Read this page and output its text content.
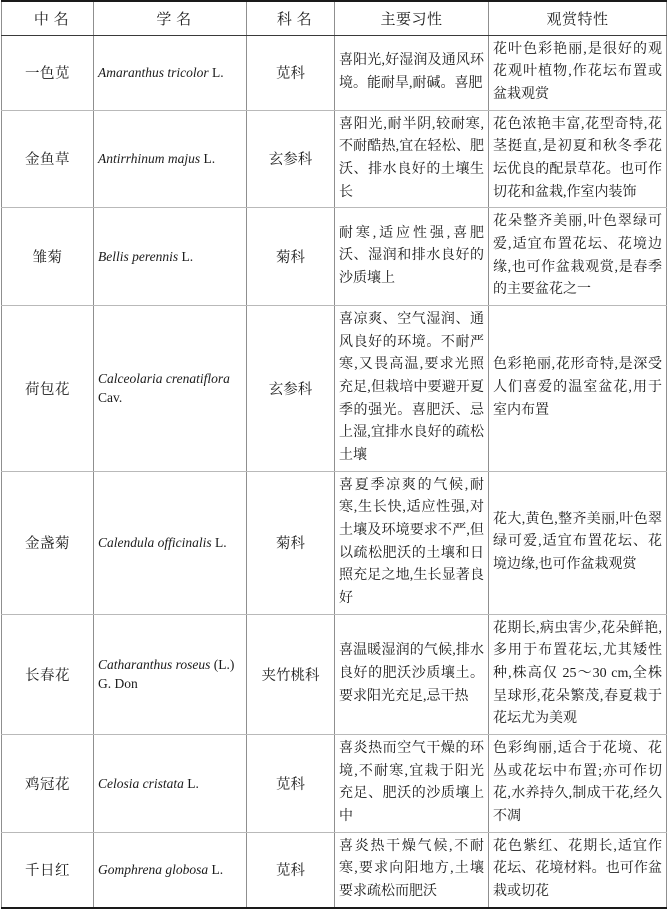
中 名	学 名	科 名	主要习性	观赏特性
一色苋	Amaranthus tricolor L.	苋科	喜阳光,好湿润及通风环境。能耐旱,耐碱。喜肥	花叶色彩艳丽,是很好的观花观叶植物,作花坛布置或盆栽观赏
金鱼草	Antirrhinum majus L.	玄参科	喜阳光,耐半阴,较耐寒,不耐酷热,宜在轻松、肥沃、排水良好的土壤生长	花色浓艳丰富,花型奇特,花茎挺直,是初夏和秋冬季花坛优良的配景草花。也可作切花和盆栽,作室内装饰
雏菊	Bellis perennis L.	菊科	耐寒,适应性强,喜肥沃、湿润和排水良好的沙质壤上	花朵整齐美丽,叶色翠绿可爱,适宜布置花坛、花境边缘,也可作盆栽观赏,是春季的主要盆花之一
荷包花	Calceolaria crenatiflora Cav.	玄参科	喜凉爽、空气湿润、通风良好的环境。不耐严寒,又畏高温,要求光照充足,但栽培中要避开夏季的强光。喜肥沃、忌上湿,宜排水良好的疏松土壤	色彩艳丽,花形奇特,是深受人们喜爱的温室盆花,用于室内布置
金盏菊	Calendula officinalis L.	菊科	喜夏季凉爽的气候,耐寒,生长快,适应性强,对土壤及环境要求不严,但以疏松肥沃的土壤和日照充足之地,生长显著良好	花大,黄色,整齐美丽,叶色翠绿可爱,适宜布置花坛、花境边缘,也可作盆栽观赏
长春花	Catharanthus roseus (L.) G. Don	夹竹桃科	喜温暖湿润的气候,排水良好的肥沃沙质壤土。要求阳光充足,忌干热	花期长,病虫害少,花朵鲜艳,多用于布置花坛,尤其矮性种,株高仅 25～30 cm,全株呈球形,花朵繁茂,春夏栽于花坛尤为美观
鸡冠花	Celosia cristata L.	苋科	喜炎热而空气干燥的环境,不耐寒,宜栽于阳光充足、肥沃的沙质壤上中	色彩绚丽,适合于花境、花丛或花坛中布置;亦可作切花,水养持久,制成干花,经久不凋
千日红	Gomphrena globosa L.	苋科	喜炎热干燥气候,不耐寒,要求向阳地方,土壤要求疏松而肥沃	花色紫红、花期长,适宜作花坛、花境材料。也可作盆栽或切花
